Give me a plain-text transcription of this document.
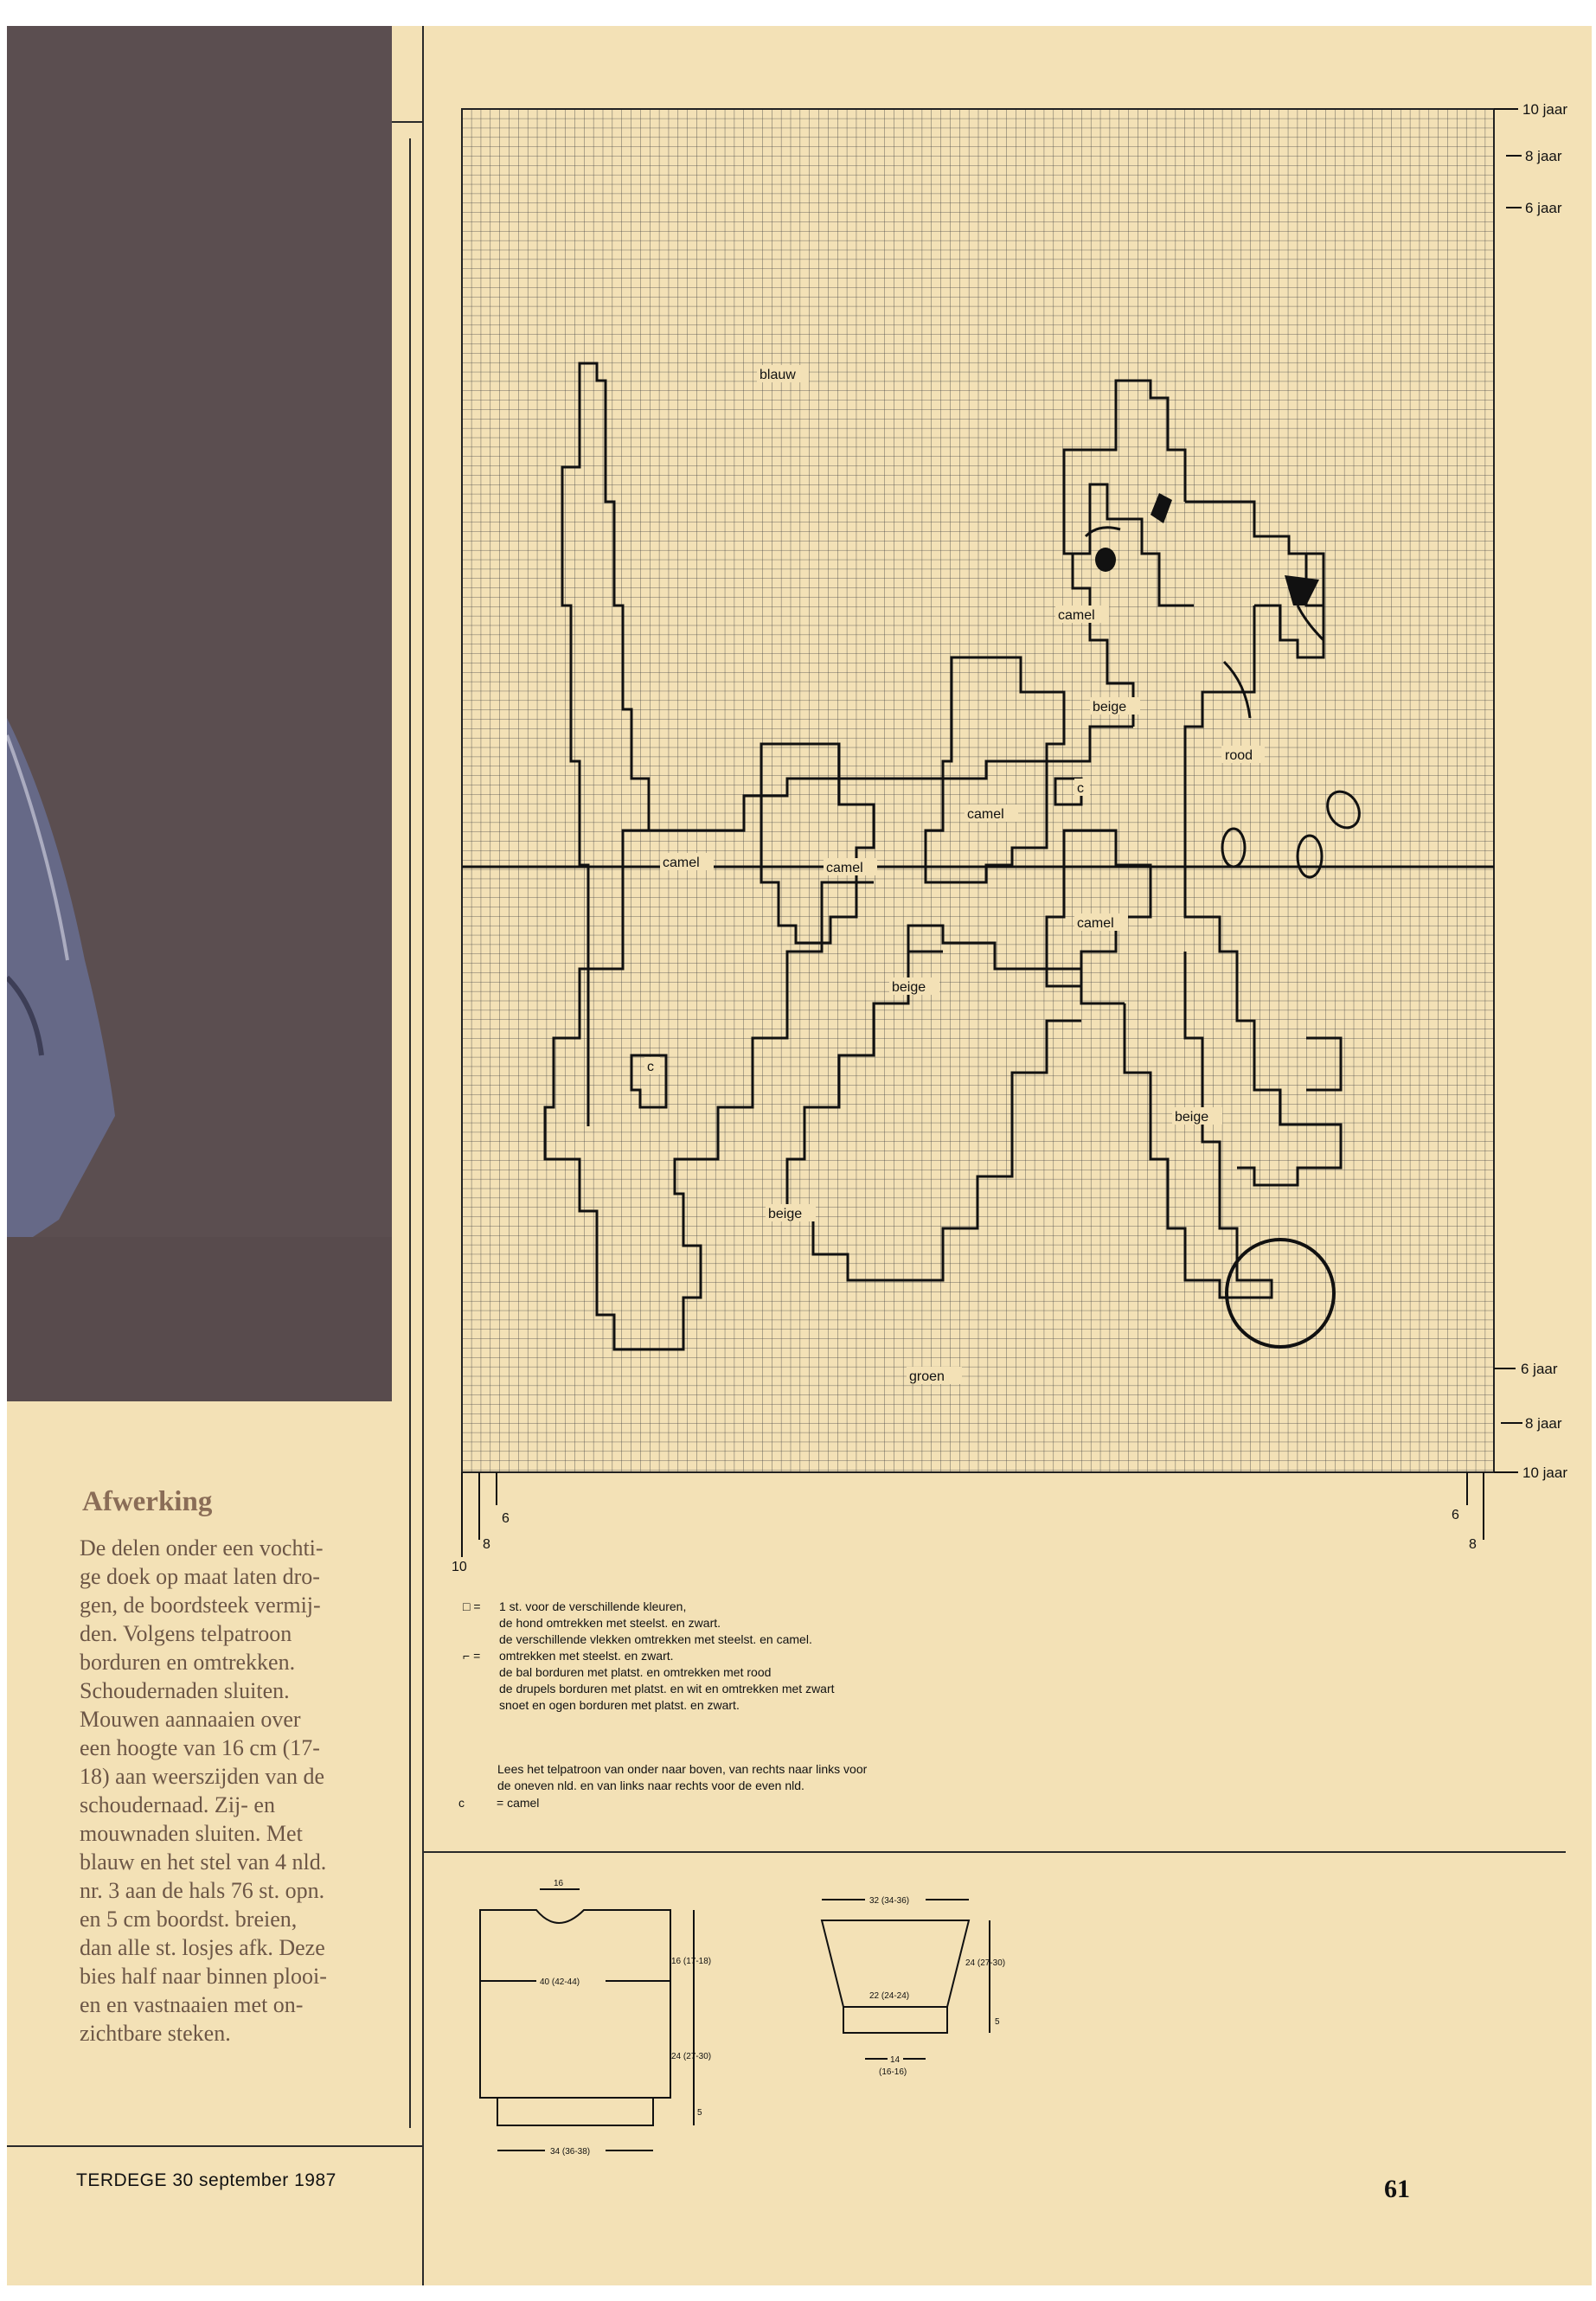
Afwerking
De delen onder een vochti-
ge doek op maat laten dro-
gen, de boordsteek vermij-
den. Volgens telpatroon
borduren en omtrekken.
Schoudernaden sluiten.
Mouwen aannaaien over
een hoogte van 16 cm (17-
18) aan weerszijden van de
schoudernaad. Zij- en
mouwnaden sluiten. Met
blauw en het stel van 4 nld.
nr. 3 aan de hals 76 st. opn.
en 5 cm boordst. breien,
dan alle st. losjes afk. Deze
bies half naar binnen plooi-
en en vastnaaien met on-
zichtbare steken.
TERDEGE 30 september 1987	61
blauw
camel
beige
rood
c
camel
camel	camel
camel
beige
c
beige
beige
groen
10 jaar
8 jaar
6 jaar
6 jaar
8 jaar
10 jaar
6
8
10
6
8
□ = 1 st. voor de verschillende kleuren,
de hond omtrekken met steelst. en zwart.
de verschillende vlekken omtrekken met steelst. en camel.
⌐ = omtrekken met steelst. en zwart.
de bal borduren met platst. en omtrekken met rood
de drupels borduren met platst. en wit en omtrekken met zwart
snoet en ogen borduren met platst. en zwart.
Lees het telpatroon van onder naar boven, van rechts naar links voor
de oneven nld. en van links naar rechts voor de even nld.
c	= camel
16
40 (42-44)
16 (17-18)
24 (27-30)
5
34 (36-38)
32 (34-36)
24 (27-30)
22 (24-24)
5
14
(16-16)
